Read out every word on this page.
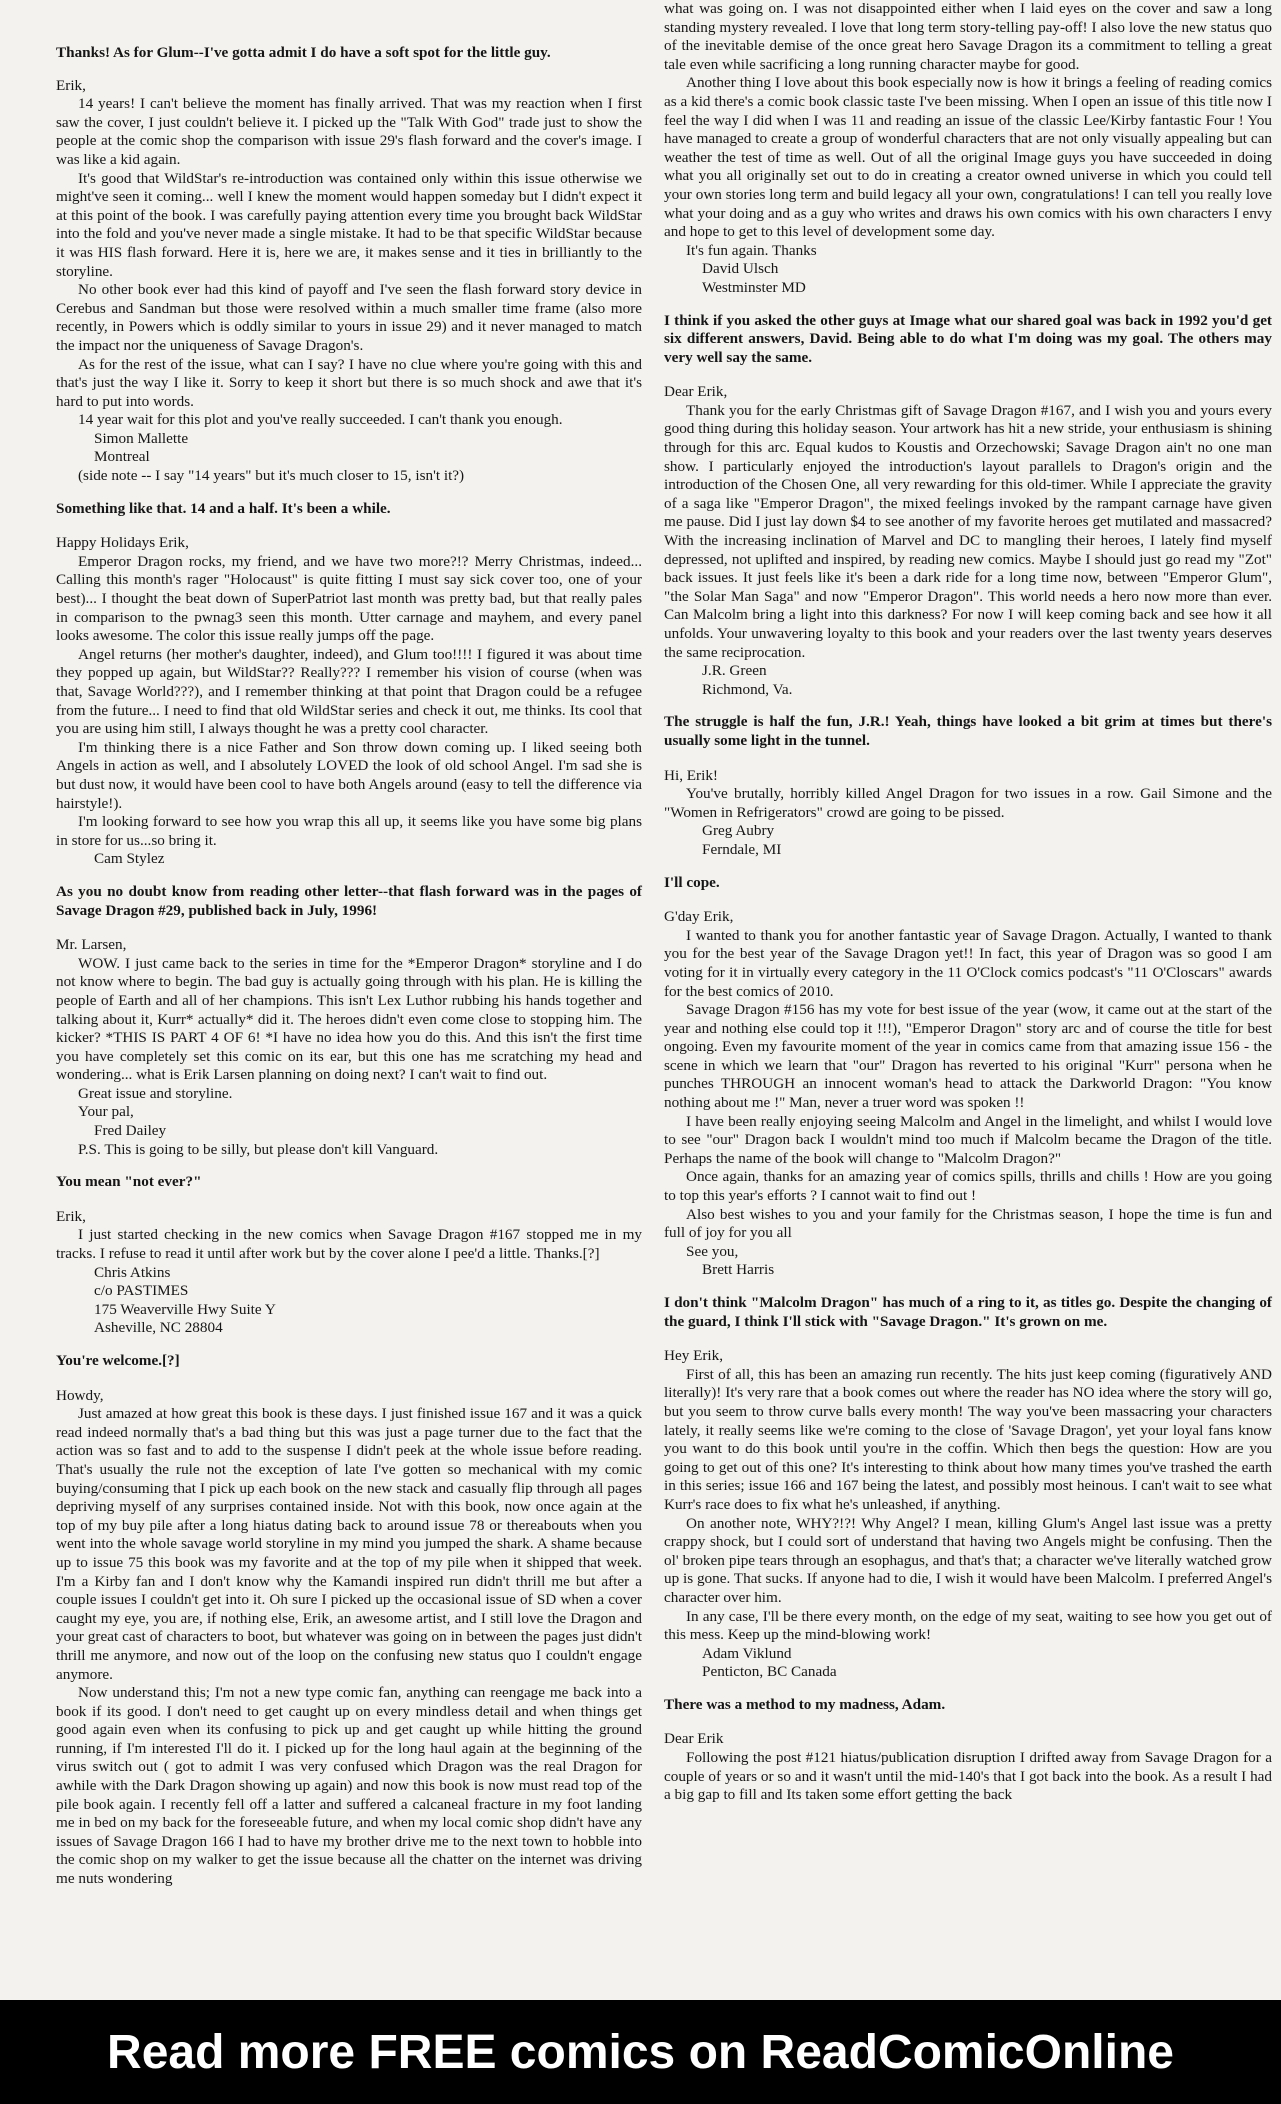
Thanks! As for Glum--I've gotta admit I do have a soft spot for the little guy.

Erik,

14 years! I can't believe the moment has finally arrived. That was my reaction when I first saw the cover, I just couldn't believe it. I picked up the "Talk With God" trade just to show the people at the comic shop the comparison with issue 29's flash forward and the cover's image. I was like a kid again.

It's good that WildStar's re-introduction was contained only within this issue otherwise we might've seen it coming... well I knew the moment would happen someday but I didn't expect it at this point of the book. I was carefully paying attention every time you brought back WildStar into the fold and you've never made a single mistake. It had to be that specific WildStar because it was HIS flash forward. Here it is, here we are, it makes sense and it ties in brilliantly to the storyline.

No other book ever had this kind of payoff and I've seen the flash forward story device in Cerebus and Sandman but those were resolved within a much smaller time frame (also more recently, in Powers which is oddly similar to yours in issue 29) and it never managed to match the impact nor the uniqueness of Savage Dragon's.

As for the rest of the issue, what can I say? I have no clue where you're going with this and that's just the way I like it. Sorry to keep it short but there is so much shock and awe that it's hard to put into words.

14 year wait for this plot and you've really succeeded. I can't thank you enough.

Simon Mallette

Montreal

(side note -- I say "14 years" but it's much closer to 15, isn't it?)

Something like that. 14 and a half. It's been a while.

Happy Holidays Erik,

Emperor Dragon rocks, my friend, and we have two more?!? Merry Christmas, indeed... Calling this month's rager "Holocaust" is quite fitting I must say sick cover too, one of your best)... I thought the beat down of SuperPatriot last month was pretty bad, but that really pales in comparison to the pwnag3 seen this month. Utter carnage and mayhem, and every panel looks awesome. The color this issue really jumps off the page.

Angel returns (her mother's daughter, indeed), and Glum too!!!! I figured it was about time they popped up again, but WildStar?? Really??? I remember his vision of course (when was that, Savage World???), and I remember thinking at that point that Dragon could be a refugee from the future... I need to find that old WildStar series and check it out, me thinks. Its cool that you are using him still, I always thought he was a pretty cool character.

I'm thinking there is a nice Father and Son throw down coming up. I liked seeing both Angels in action as well, and I absolutely LOVED the look of old school Angel. I'm sad she is but dust now, it would have been cool to have both Angels around (easy to tell the difference via hairstyle!).

I'm looking forward to see how you wrap this all up, it seems like you have some big plans in store for us...so bring it.

Cam Stylez

As you no doubt know from reading other letter--that flash forward was in the pages of Savage Dragon #29, published back in July, 1996!

Mr. Larsen,

WOW. I just came back to the series in time for the *Emperor Dragon* storyline and I do not know where to begin. The bad guy is actually going through with his plan. He is killing the people of Earth and all of her champions. This isn't Lex Luthor rubbing his hands together and talking about it, Kurr* actually* did it. The heroes didn't even come close to stopping him. The kicker? *THIS IS PART 4 OF 6! *I have no idea how you do this. And this isn't the first time you have completely set this comic on its ear, but this one has me scratching my head and wondering... what is Erik Larsen planning on doing next? I can't wait to find out.

Great issue and storyline.

Your pal,

Fred Dailey

P.S. This is going to be silly, but please don't kill Vanguard.

You mean "not ever?"

Erik,

I just started checking in the new comics when Savage Dragon #167 stopped me in my tracks. I refuse to read it until after work but by the cover alone I pee'd a little. Thanks.[?]

Chris Atkins

c/o PASTIMES

175 Weaverville Hwy Suite Y

Asheville, NC 28804

You're welcome.[?]

Howdy,

Just amazed at how great this book is these days. I just finished issue 167 and it was a quick read indeed normally that's a bad thing but this was just a page turner due to the fact that the action was so fast and to add to the suspense I didn't peek at the whole issue before reading. That's usually the rule not the exception of late I've gotten so mechanical with my comic buying/consuming that I pick up each book on the new stack and casually flip through all pages depriving myself of any surprises contained inside. Not with this book, now once again at the top of my buy pile after a long hiatus dating back to around issue 78 or thereabouts when you went into the whole savage world storyline in my mind you jumped the shark. A shame because up to issue 75 this book was my favorite and at the top of my pile when it shipped that week. I'm a Kirby fan and I don't know why the Kamandi inspired run didn't thrill me but after a couple issues I couldn't get into it. Oh sure I picked up the occasional issue of SD when a cover caught my eye, you are, if nothing else, Erik, an awesome artist, and I still love the Dragon and your great cast of characters to boot, but whatever was going on in between the pages just didn't thrill me anymore, and now out of the loop on the confusing new status quo I couldn't engage anymore.

Now understand this; I'm not a new type comic fan, anything can reengage me back into a book if its good. I don't need to get caught up on every mindless detail and when things get good again even when its confusing to pick up and get caught up while hitting the ground running, if I'm interested I'll do it. I picked up for the long haul again at the beginning of the virus switch out ( got to admit I was very confused which Dragon was the real Dragon for awhile with the Dark Dragon showing up again) and now this book is now must read top of the pile book again. I recently fell off a latter and suffered a calcaneal fracture in my foot landing me in bed on my back for the foreseeable future, and when my local comic shop didn't have any issues of Savage Dragon 166 I had to have my brother drive me to the next town to hobble into the comic shop on my walker to get the issue because all the chatter on the internet was driving me nuts wondering

what was going on. I was not disappointed either when I laid eyes on the cover and saw a long standing mystery revealed. I love that long term story-telling pay-off! I also love the new status quo of the inevitable demise of the once great hero Savage Dragon its a commitment to telling a great tale even while sacrificing a long running character maybe for good.

Another thing I love about this book especially now is how it brings a feeling of reading comics as a kid there's a comic book classic taste I've been missing. When I open an issue of this title now I feel the way I did when I was 11 and reading an issue of the classic Lee/Kirby fantastic Four ! You have managed to create a group of wonderful characters that are not only visually appealing but can weather the test of time as well. Out of all the original Image guys you have succeeded in doing what you all originally set out to do in creating a creator owned universe in which you could tell your own stories long term and build legacy all your own, congratulations! I can tell you really love what your doing and as a guy who writes and draws his own comics with his own characters I envy and hope to get to this level of development some day.

It's fun again. Thanks

David Ulsch

Westminster MD

I think if you asked the other guys at Image what our shared goal was back in 1992 you'd get six different answers, David. Being able to do what I'm doing was my goal. The others may very well say the same.

Dear Erik,

Thank you for the early Christmas gift of Savage Dragon #167, and I wish you and yours every good thing during this holiday season. Your artwork has hit a new stride, your enthusiasm is shining through for this arc. Equal kudos to Koustis and Orzechowski; Savage Dragon ain't no one man show. I particularly enjoyed the introduction's layout parallels to Dragon's origin and the introduction of the Chosen One, all very rewarding for this old-timer. While I appreciate the gravity of a saga like "Emperor Dragon", the mixed feelings invoked by the rampant carnage have given me pause. Did I just lay down $4 to see another of my favorite heroes get mutilated and massacred? With the increasing inclination of Marvel and DC to mangling their heroes, I lately find myself depressed, not uplifted and inspired, by reading new comics. Maybe I should just go read my "Zot" back issues. It just feels like it's been a dark ride for a long time now, between "Emperor Glum", "the Solar Man Saga" and now "Emperor Dragon". This world needs a hero now more than ever. Can Malcolm bring a light into this darkness? For now I will keep coming back and see how it all unfolds. Your unwavering loyalty to this book and your readers over the last twenty years deserves the same reciprocation.

J.R. Green

Richmond, Va.

The struggle is half the fun, J.R.! Yeah, things have looked a bit grim at times but there's usually some light in the tunnel.

Hi, Erik!

You've brutally, horribly killed Angel Dragon for two issues in a row. Gail Simone and the "Women in Refrigerators" crowd are going to be pissed.

Greg Aubry

Ferndale, MI

I'll cope.

G'day Erik,

I wanted to thank you for another fantastic year of Savage Dragon. Actually, I wanted to thank you for the best year of the Savage Dragon yet!! In fact, this year of Dragon was so good I am voting for it in virtually every category in the 11 O'Clock comics podcast's "11 O'Closcars" awards for the best comics of 2010.

Savage Dragon #156 has my vote for best issue of the year (wow, it came out at the start of the year and nothing else could top it !!!), "Emperor Dragon" story arc and of course the title for best ongoing. Even my favourite moment of the year in comics came from that amazing issue 156 - the scene in which we learn that "our" Dragon has reverted to his original "Kurr" persona when he punches THROUGH an innocent woman's head to attack the Darkworld Dragon: "You know nothing about me !" Man, never a truer word was spoken !!

I have been really enjoying seeing Malcolm and Angel in the limelight, and whilst I would love to see "our" Dragon back I wouldn't mind too much if Malcolm became the Dragon of the title. Perhaps the name of the book will change to "Malcolm Dragon?"

Once again, thanks for an amazing year of comics spills, thrills and chills ! How are you going to top this year's efforts ? I cannot wait to find out !

Also best wishes to you and your family for the Christmas season, I hope the time is fun and full of joy for you all

See you,

Brett Harris

I don't think "Malcolm Dragon" has much of a ring to it, as titles go. Despite the changing of the guard, I think I'll stick with "Savage Dragon." It's grown on me.

Hey Erik,

First of all, this has been an amazing run recently. The hits just keep coming (figuratively AND literally)! It's very rare that a book comes out where the reader has NO idea where the story will go, but you seem to throw curve balls every month! The way you've been massacring your characters lately, it really seems like we're coming to the close of 'Savage Dragon', yet your loyal fans know you want to do this book until you're in the coffin. Which then begs the question: How are you going to get out of this one? It's interesting to think about how many times you've trashed the earth in this series; issue 166 and 167 being the latest, and possibly most heinous. I can't wait to see what Kurr's race does to fix what he's unleashed, if anything.

On another note, WHY?!?! Why Angel? I mean, killing Glum's Angel last issue was a pretty crappy shock, but I could sort of understand that having two Angels might be confusing. Then the ol' broken pipe tears through an esophagus, and that's that; a character we've literally watched grow up is gone. That sucks. If anyone had to die, I wish it would have been Malcolm. I preferred Angel's character over him.

In any case, I'll be there every month, on the edge of my seat, waiting to see how you get out of this mess. Keep up the mind-blowing work!

Adam Viklund

Penticton, BC Canada

There was a method to my madness, Adam.

Dear Erik

Following the post #121 hiatus/publication disruption I drifted away from Savage Dragon for a couple of years or so and it wasn't until the mid-140's that I got back into the book. As a result I had a big gap to fill and Its taken some effort getting the back

Read more FREE comics on ReadComicOnline
